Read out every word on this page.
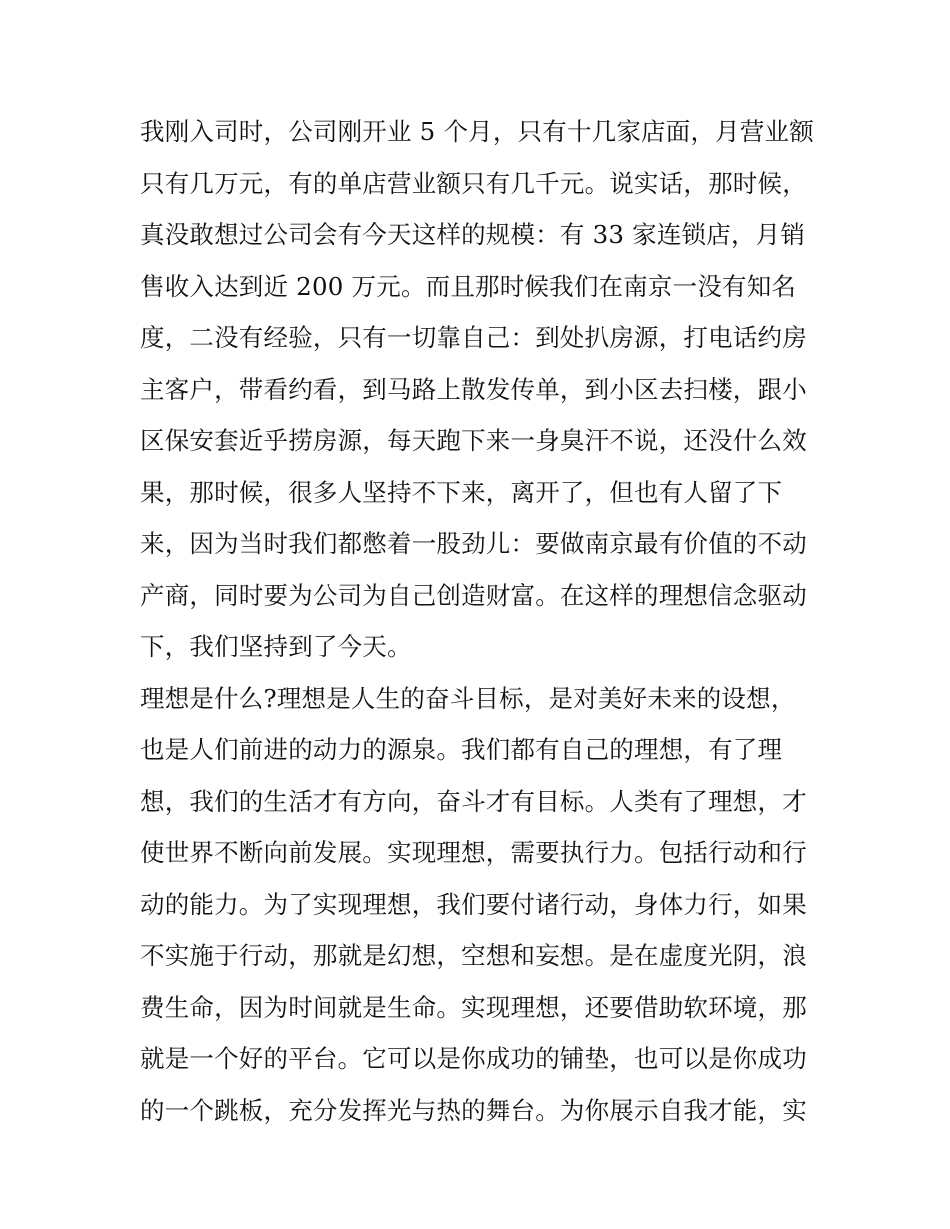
我刚入司时，公司刚开业 5 个月，只有十几家店面，月营业额
只有几万元，有的单店营业额只有几千元。说实话，那时候，
真没敢想过公司会有今天这样的规模：有 33 家连锁店，月销
售收入达到近 200 万元。而且那时候我们在南京一没有知名
度，二没有经验，只有一切靠自己：到处扒房源，打电话约房
主客户，带看约看，到马路上散发传单，到小区去扫楼，跟小
区保安套近乎捞房源，每天跑下来一身臭汗不说，还没什么效
果，那时候，很多人坚持不下来，离开了，但也有人留了下
来，因为当时我们都憋着一股劲儿：要做南京最有价值的不动
产商，同时要为公司为自己创造财富。在这样的理想信念驱动
下，我们坚持到了今天。
理想是什么?理想是人生的奋斗目标，是对美好未来的设想，
也是人们前进的动力的源泉。我们都有自己的理想，有了理
想，我们的生活才有方向，奋斗才有目标。人类有了理想，才
使世界不断向前发展。实现理想，需要执行力。包括行动和行
动的能力。为了实现理想，我们要付诸行动，身体力行，如果
不实施于行动，那就是幻想，空想和妄想。是在虚度光阴，浪
费生命，因为时间就是生命。实现理想，还要借助软环境，那
就是一个好的平台。它可以是你成功的铺垫，也可以是你成功
的一个跳板，充分发挥光与热的舞台。为你展示自我才能，实
